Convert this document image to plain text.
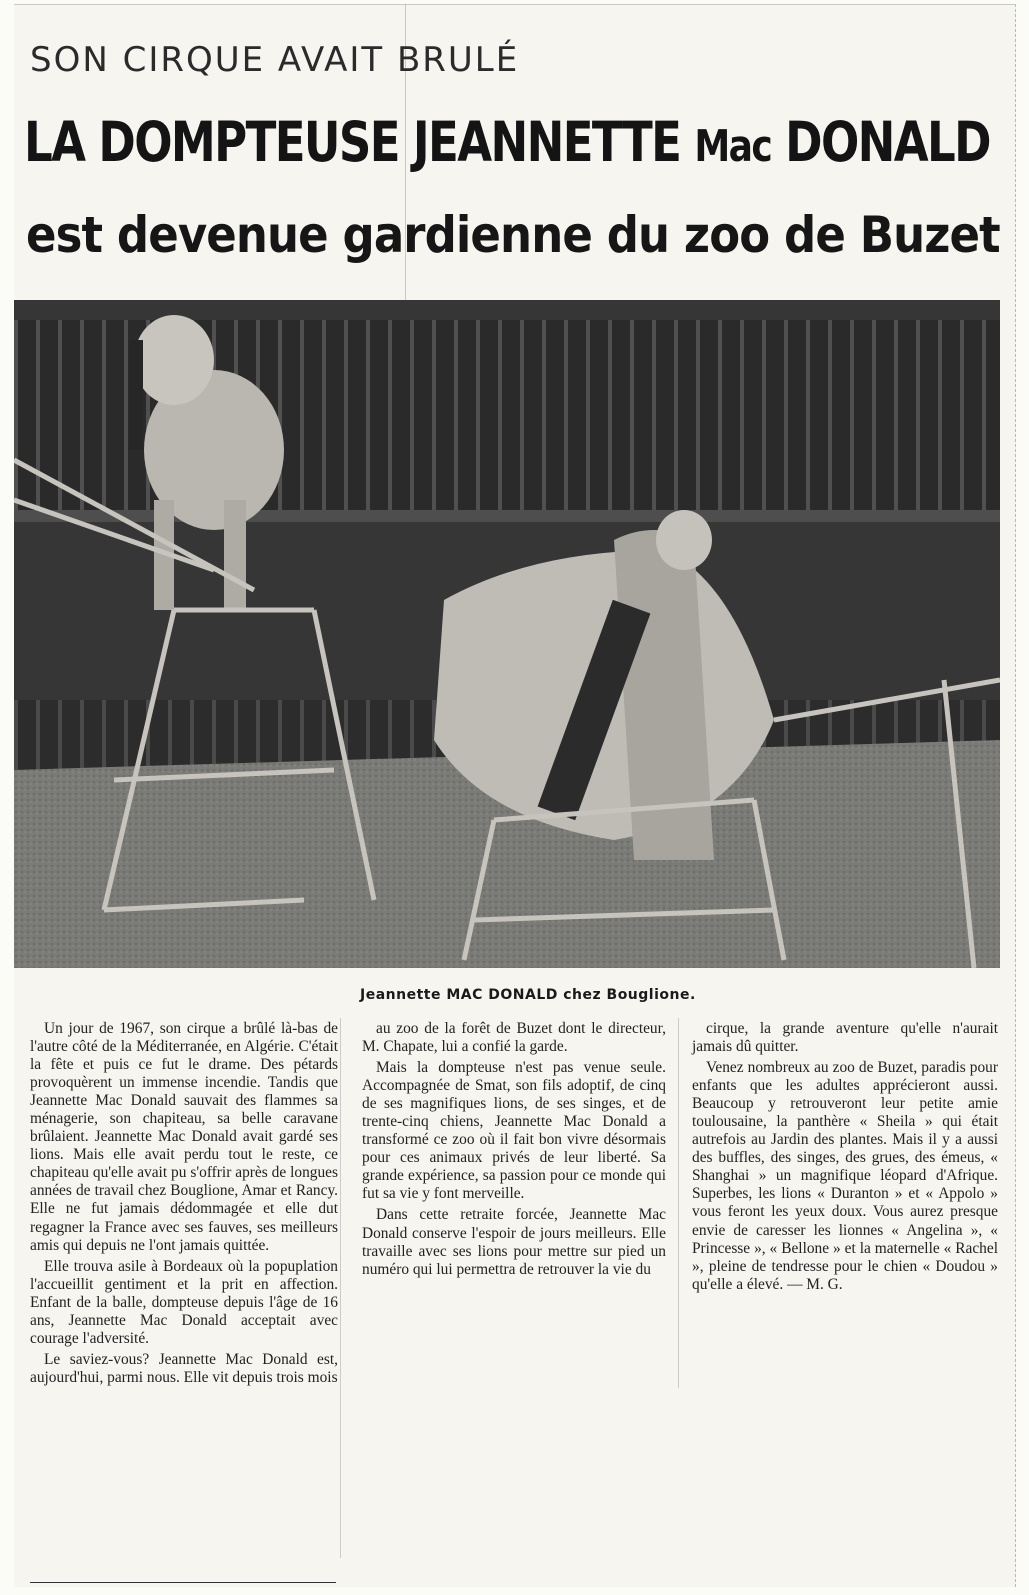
SON CIRQUE AVAIT BRULÉ
LA DOMPTEUSE JEANNETTE Mac DONALD
est devenue gardienne du zoo de Buzet
Jeannette MAC DONALD chez Bouglione.

Un jour de 1967, son cirque a brûlé là-bas de l'autre côté de la Méditerranée, en Algérie. C'était la fête et puis ce fut le drame. Des pétards provoquèrent un immense incendie. Tandis que Jeannette Mac Donald sauvait des flammes sa ménagerie, son chapiteau, sa belle caravane brûlaient. Jeannette Mac Donald avait gardé ses lions. Mais elle avait perdu tout le reste, ce chapiteau qu'elle avait pu s'offrir après de longues années de travail chez Bouglione, Amar et Rancy. Elle ne fut jamais dédommagée et elle dut regagner la France avec ses fauves, ses meilleurs amis qui depuis ne l'ont jamais quittée.

Elle trouva asile à Bordeaux où la popuplation l'accueillit gentiment et la prit en affection. Enfant de la balle, dompteuse depuis l'âge de 16 ans, Jeannette Mac Donald acceptait avec courage l'adversité.

Le saviez-vous? Jeannette Mac Donald est, aujourd'hui, parmi nous. Elle vit depuis trois mois

au zoo de la forêt de Buzet dont le directeur, M. Chapate, lui a confié la garde.

Mais la dompteuse n'est pas venue seule. Accompagnée de Smat, son fils adoptif, de cinq de ses magnifiques lions, de ses singes, et de trente-cinq chiens, Jeannette Mac Donald a transformé ce zoo où il fait bon vivre désormais pour ces animaux privés de leur liberté. Sa grande expérience, sa passion pour ce monde qui fut sa vie y font merveille.

Dans cette retraite forcée, Jeannette Mac Donald conserve l'espoir de jours meilleurs. Elle travaille avec ses lions pour mettre sur pied un numéro qui lui permettra de retrouver la vie du

cirque, la grande aventure qu'elle n'aurait jamais dû quitter.

Venez nombreux au zoo de Buzet, paradis pour enfants que les adultes apprécieront aussi. Beaucoup y retrouveront leur petite amie toulousaine, la panthère « Sheila » qui était autrefois au Jardin des plantes. Mais il y a aussi des buffles, des singes, des grues, des émeus, « Shanghai » un magnifique léopard d'Afrique. Superbes, les lions « Duranton » et « Appolo » vous feront les yeux doux. Vous aurez presque envie de caresser les lionnes « Angelina », « Princesse », « Bellone » et la maternelle « Rachel », pleine de tendresse pour le chien « Doudou » qu'elle a élevé. — M. G.
